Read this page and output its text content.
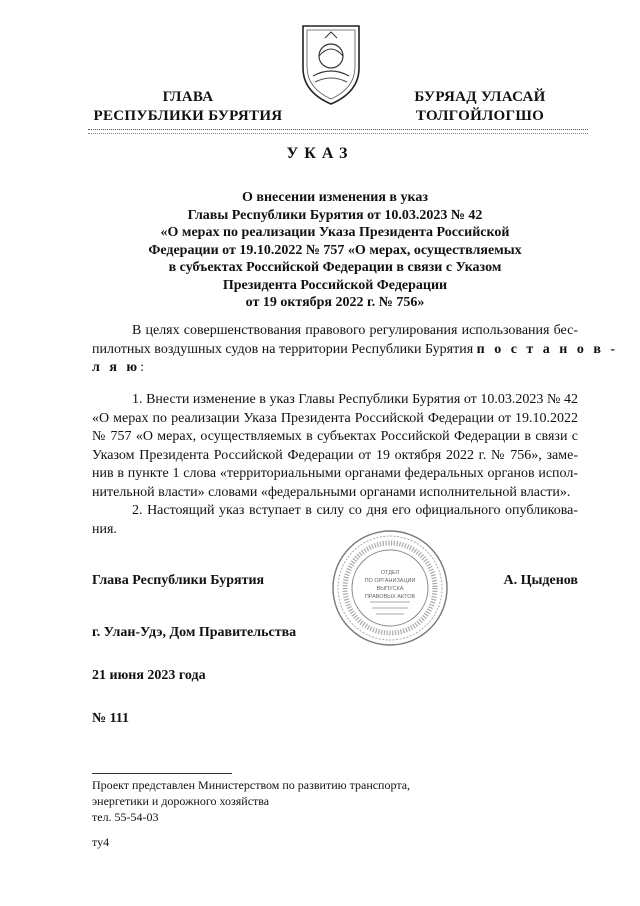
ГЛАВА
РЕСПУБЛИКИ БУРЯТИЯ
БУРЯАД УЛАСАЙ
ТОЛГОЙЛОГШО
УКАЗ
О внесении изменения в указ
Главы Республики Бурятия от 10.03.2023 № 42
«О мерах по реализации Указа Президента Российской
Федерации от 19.10.2022 № 757 «О мерах, осуществляемых
в субъектах Российской Федерации в связи с Указом
Президента Российской Федерации
от 19 октября 2022 г. № 756»
В целях совершенствования правового регулирования использования бес-
пилотных воздушных судов на территории Республики Бурятия п о с т а н о в -
л я ю:
1. Внести изменение в указ Главы Республики Бурятия от 10.03.2023 № 42
«О мерах по реализации Указа Президента Российской Федерации от 19.10.2022
№ 757 «О мерах, осуществляемых в субъектах Российской Федерации в связи с
Указом Президента Российской Федерации от 19 октября 2022 г. № 756», заме-
нив в пункте 1 слова «территориальными органами федеральных органов испол-
нительной власти» словами «федеральными органами исполнительной власти».
2. Настоящий указ вступает в силу со дня его официального опубликова-
ния.
ОТДЕЛ
ПО ОРГАНИЗАЦИИ
ВЫПУСКА
ПРАВОВЫХ АКТОВ
Глава Республики Бурятия	А. Цыденов
г. Улан-Удэ, Дом Правительства
21 июня 2023 года
№ 111
Проект представлен Министерством по развитию транспорта,
энергетики и дорожного хозяйства
тел. 55-54-03
ту4
